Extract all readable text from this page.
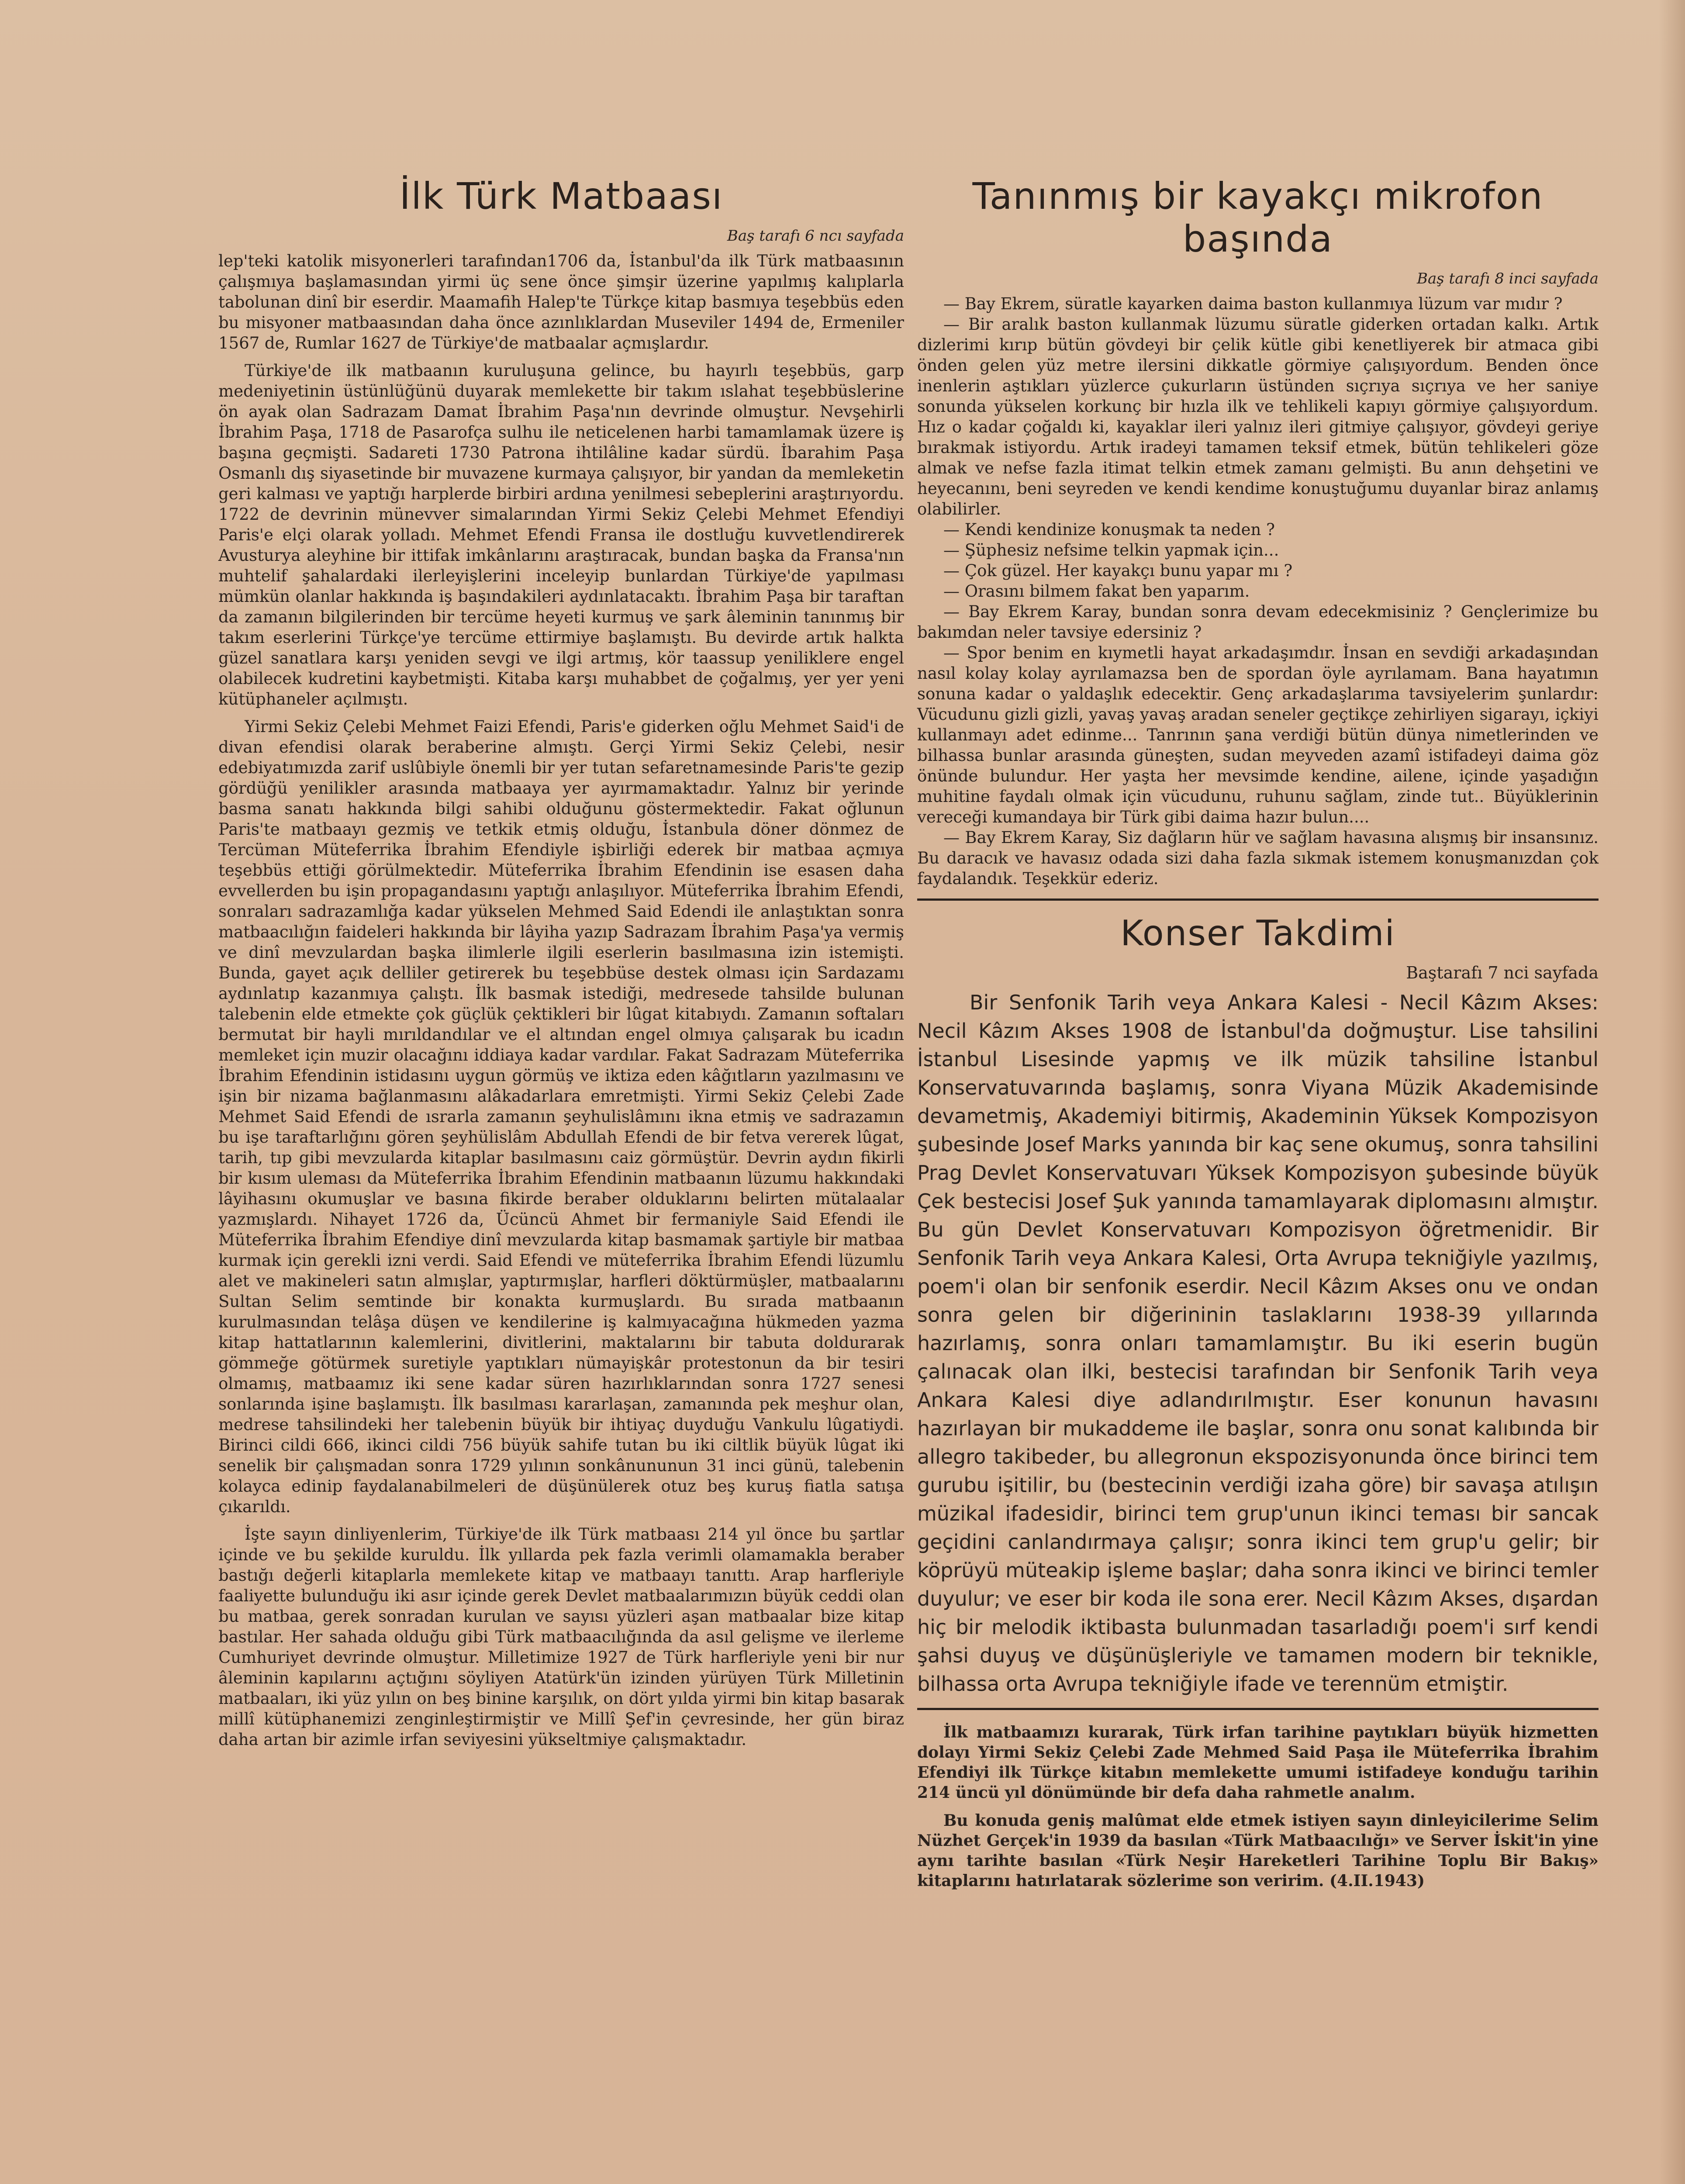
İlk Türk Matbaası
Baş tarafı 6 ncı sayfada

lep'teki katolik misyonerleri tarafından1706 da, İstanbul'da ilk Türk matbaasının çalışmıya başlamasından yirmi üç sene önce şimşir üzerine yapılmış kalıplarla tabolunan dinî bir eserdir. Maamafih Halep'te Türkçe kitap basmıya teşebbüs eden bu misyoner matbaasından daha önce azınlıklardan Museviler 1494 de, Ermeniler 1567 de, Rumlar 1627 de Türkiye'de matbaalar açmışlardır.

Türkiye'de ilk matbaanın kuruluşuna gelince, bu hayırlı teşebbüs, garp medeniyetinin üstünlüğünü duyarak memlekette bir takım ıslahat teşebbüslerine ön ayak olan Sadrazam Damat İbrahim Paşa'nın devrinde olmuştur. Nevşehirli İbrahim Paşa, 1718 de Pasarofça sulhu ile neticelenen harbi tamamlamak üzere iş başına geçmişti. Sadareti 1730 Patrona ihtilâline kadar sürdü. İbarahim Paşa Osmanlı dış siyasetinde bir muvazene kurmaya çalışıyor, bir yandan da memleketin geri kalması ve yaptığı harplerde birbiri ardına yenilmesi sebeplerini araştırıyordu. 1722 de devrinin münevver simalarından Yirmi Sekiz Çelebi Mehmet Efendiyi Paris'e elçi olarak yolladı. Mehmet Efendi Fransa ile dostluğu kuvvetlendirerek Avusturya aleyhine bir ittifak imkânlarını araştıracak, bundan başka da Fransa'nın muhtelif şahalardaki ilerleyişlerini inceleyip bunlardan Türkiye'de yapılması mümkün olanlar hakkında iş başındakileri aydınlatacaktı. İbrahim Paşa bir taraftan da zamanın bilgilerinden bir tercüme heyeti kurmuş ve şark âleminin tanınmış bir takım eserlerini Türkçe'ye tercüme ettirmiye başlamıştı. Bu devirde artık halkta güzel sanatlara karşı yeniden sevgi ve ilgi artmış, kör taassup yeniliklere engel olabilecek kudretini kaybetmişti. Kitaba karşı muhabbet de çoğalmış, yer yer yeni kütüphaneler açılmıştı.

Yirmi Sekiz Çelebi Mehmet Faizi Efendi, Paris'e giderken oğlu Mehmet Said'i de divan efendisi olarak beraberine almıştı. Gerçi Yirmi Sekiz Çelebi, nesir edebiyatımızda zarif uslûbiyle önemli bir yer tutan sefaretnamesinde Paris'te gezip gördüğü yenilikler arasında matbaaya yer ayırmamaktadır. Yalnız bir yerinde basma sanatı hakkında bilgi sahibi olduğunu göstermektedir. Fakat oğlunun Paris'te matbaayı gezmiş ve tetkik etmiş olduğu, İstanbula döner dönmez de Tercüman Müteferrika İbrahim Efendiyle işbirliği ederek bir matbaa açmıya teşebbüs ettiği görülmektedir. Müteferrika İbrahim Efendinin ise esasen daha evvellerden bu işin propagandasını yaptığı anlaşılıyor. Müteferrika İbrahim Efendi, sonraları sadrazamlığa kadar yükselen Mehmed Said Edendi ile anlaştıktan sonra matbaacılığın faideleri hakkında bir lâyiha yazıp Sadrazam İbrahim Paşa'ya vermiş ve dinî mevzulardan başka ilimlerle ilgili eserlerin basılmasına izin istemişti. Bunda, gayet açık delliler getirerek bu teşebbüse destek olması için Sardazamı aydınlatıp kazanmıya çalıştı. İlk basmak istediği, medresede tahsilde bulunan talebenin elde etmekte çok güçlük çektikleri bir lûgat kitabıydı. Zamanın softaları bermutat bir hayli mırıldandılar ve el altından engel olmıya çalışarak bu icadın memleket için muzir olacağını iddiaya kadar vardılar. Fakat Sadrazam Müteferrika İbrahim Efendinin istidasını uygun görmüş ve iktiza eden kâğıtların yazılmasını ve işin bir nizama bağlanmasını alâkadarlara emretmişti. Yirmi Sekiz Çelebi Zade Mehmet Said Efendi de ısrarla zamanın şeyhulislâmını ikna etmiş ve sadrazamın bu işe taraftarlığını gören şeyhülislâm Abdullah Efendi de bir fetva vererek lûgat, tarih, tıp gibi mevzularda kitaplar basılmasını caiz görmüştür. Devrin aydın fikirli bir kısım uleması da Müteferrika İbrahim Efendinin matbaanın lüzumu hakkındaki lâyihasını okumuşlar ve basına fikirde beraber olduklarını belirten mütalaalar yazmışlardı. Nihayet 1726 da, Ücüncü Ahmet bir fermaniyle Said Efendi ile Müteferrika İbrahim Efendiye dinî mevzularda kitap basmamak şartiyle bir matbaa kurmak için gerekli izni verdi. Said Efendi ve müteferrika İbrahim Efendi lüzumlu alet ve makineleri satın almışlar, yaptırmışlar, harfleri döktürmüşler, matbaalarını Sultan Selim semtinde bir konakta kurmuşlardı. Bu sırada matbaanın kurulmasından telâşa düşen ve kendilerine iş kalmıyacağına hükmeden yazma kitap hattatlarının kalemlerini, divitlerini, maktalarını bir tabuta doldurarak gömmeğe götürmek suretiyle yaptıkları nümayişkâr protestonun da bir tesiri olmamış, matbaamız iki sene kadar süren hazırlıklarından sonra 1727 senesi sonlarında işine başlamıştı. İlk basılması kararlaşan, zamanında pek meşhur olan, medrese tahsilindeki her talebenin büyük bir ihtiyaç duyduğu Vankulu lûgatiydi. Birinci cildi 666, ikinci cildi 756 büyük sahife tutan bu iki ciltlik büyük lûgat iki senelik bir çalışmadan sonra 1729 yılının sonkânununun 31 inci günü, talebenin kolayca edinip faydalanabilmeleri de düşünülerek otuz beş kuruş fiatla satışa çıkarıldı.

İşte sayın dinliyenlerim, Türkiye'de ilk Türk matbaası 214 yıl önce bu şartlar içinde ve bu şekilde kuruldu. İlk yıllarda pek fazla verimli olamamakla beraber bastığı değerli kitaplarla memlekete kitap ve matbaayı tanıttı. Arap harfleriyle faaliyette bulunduğu iki asır içinde gerek Devlet matbaalarımızın büyük ceddi olan bu matbaa, gerek sonradan kurulan ve sayısı yüzleri aşan matbaalar bize kitap bastılar. Her sahada olduğu gibi Türk matbaacılığında da asıl gelişme ve ilerleme Cumhuriyet devrinde olmuştur. Milletimize 1927 de Türk harfleriyle yeni bir nur âleminin kapılarını açtığını söyliyen Atatürk'ün izinden yürüyen Türk Milletinin matbaaları, iki yüz yılın on beş binine karşılık, on dört yılda yirmi bin kitap basarak millî kütüphanemizi zenginleştirmiştir ve Millî Şef'in çevresinde, her gün biraz daha artan bir azimle irfan seviyesini yükseltmiye çalışmaktadır.

Tanınmış bir kayakçı mikrofon başında
Baş tarafı 8 inci sayfada

— Bay Ekrem, süratle kayarken daima baston kullanmıya lüzum var mıdır ?

— Bir aralık baston kullanmak lüzumu süratle giderken ortadan kalkı. Artık dizlerimi kırıp bütün gövdeyi bir çelik kütle gibi kenetliyerek bir atmaca gibi önden gelen yüz metre ilersini dikkatle görmiye çalışıyordum. Benden önce inenlerin aştıkları yüzlerce çukurların üstünden sıçrıya sıçrıya ve her saniye sonunda yükselen korkunç bir hızla ilk ve tehlikeli kapıyı görmiye çalışıyordum. Hız o kadar çoğaldı ki, kayaklar ileri yalnız ileri gitmiye çalışıyor, gövdeyi geriye bırakmak istiyordu. Artık iradeyi tamamen teksif etmek, bütün tehlikeleri göze almak ve nefse fazla itimat telkin etmek zamanı gelmişti. Bu anın dehşetini ve heyecanını, beni seyreden ve kendi kendime konuştuğumu duyanlar biraz anlamış olabilirler.

— Kendi kendinize konuşmak ta neden ?

— Şüphesiz nefsime telkin yapmak için...

— Çok güzel. Her kayakçı bunu yapar mı ?

— Orasını bilmem fakat ben yaparım.

— Bay Ekrem Karay, bundan sonra devam edecekmisiniz ? Gençlerimize bu bakımdan neler tavsiye edersiniz ?

— Spor benim en kıymetli hayat arkadaşımdır. İnsan en sevdiği arkadaşından nasıl kolay kolay ayrılamazsa ben de spordan öyle ayrılamam. Bana hayatımın sonuna kadar o yaldaşlık edecektir. Genç arkadaşlarıma tavsiyelerim şunlardır: Vücudunu gizli gizli, yavaş yavaş aradan seneler geçtikçe zehirliyen sigarayı, içkiyi kullanmayı adet edinme... Tanrının şana verdiği bütün dünya nimetlerinden ve bilhassa bunlar arasında güneşten, sudan meyveden azamî istifadeyi daima göz önünde bulundur. Her yaşta her mevsimde kendine, ailene, içinde yaşadığın muhitine faydalı olmak için vücudunu, ruhunu sağlam, zinde tut.. Büyüklerinin vereceği kumandaya bir Türk gibi daima hazır bulun....

— Bay Ekrem Karay, Siz dağların hür ve sağlam havasına alışmış bir insansınız. Bu daracık ve havasız odada sizi daha fazla sıkmak istemem konuşmanızdan çok faydalandık. Teşekkür ederiz.

Konser Takdimi
Baştarafı 7 nci sayfada

Bir Senfonik Tarih veya Ankara Kalesi - Necil Kâzım Akses: Necil Kâzım Akses 1908 de İstanbul'da doğmuştur. Lise tahsilini İstanbul Lisesinde yapmış ve ilk müzik tahsiline İstanbul Konservatuvarında başlamış, sonra Viyana Müzik Akademisinde devametmiş, Akademiyi bitirmiş, Akademinin Yüksek Kompozisyon şubesinde Josef Marks yanında bir kaç sene okumuş, sonra tahsilini Prag Devlet Konservatuvarı Yüksek Kompozisyon şubesinde büyük Çek bestecisi Josef Şuk yanında tamamlayarak diplomasını almıştır. Bu gün Devlet Konservatuvarı Kompozisyon öğretmenidir. Bir Senfonik Tarih veya Ankara Kalesi, Orta Avrupa tekniğiyle yazılmış, poem'i olan bir senfonik eserdir. Necil Kâzım Akses onu ve ondan sonra gelen bir diğerininin taslaklarını 1938-39 yıllarında hazırlamış, sonra onları tamamlamıştır. Bu iki eserin bugün çalınacak olan ilki, bestecisi tarafından bir Senfonik Tarih veya Ankara Kalesi diye adlandırılmıştır. Eser konunun havasını hazırlayan bir mukaddeme ile başlar, sonra onu sonat kalıbında bir allegro takibeder, bu allegronun ekspozisyonunda önce birinci tem gurubu işitilir, bu (bestecinin verdiği izaha göre) bir savaşa atılışın müzikal ifadesidir, birinci tem grup'unun ikinci teması bir sancak geçidini canlandırmaya çalışır; sonra ikinci tem grup'u gelir; bir köprüyü müteakip işleme başlar; daha sonra ikinci ve birinci temler duyulur; ve eser bir koda ile sona erer. Necil Kâzım Akses, dışardan hiç bir melodik iktibasta bulunmadan tasarladığı poem'i sırf kendi şahsi duyuş ve düşünüşleriyle ve tamamen modern bir teknikle, bilhassa orta Avrupa tekniğiyle ifade ve terennüm etmiştir.

İlk matbaamızı kurarak, Türk irfan tarihine paytıkları büyük hizmetten dolayı Yirmi Sekiz Çelebi Zade Mehmed Said Paşa ile Müteferrika İbrahim Efendiyi ilk Türkçe kitabın memlekette umumi istifadeye konduğu tarihin 214 üncü yıl dönümünde bir defa daha rahmetle analım.

Bu konuda geniş malûmat elde etmek istiyen sayın dinleyicilerime Selim Nüzhet Gerçek'in 1939 da basılan «Türk Matbaacılığı» ve Server İskit'in yine aynı tarihte basılan «Türk Neşir Hareketleri Tarihine Toplu Bir Bakış» kitaplarını hatırlatarak sözlerime son veririm. (4.II.1943)
